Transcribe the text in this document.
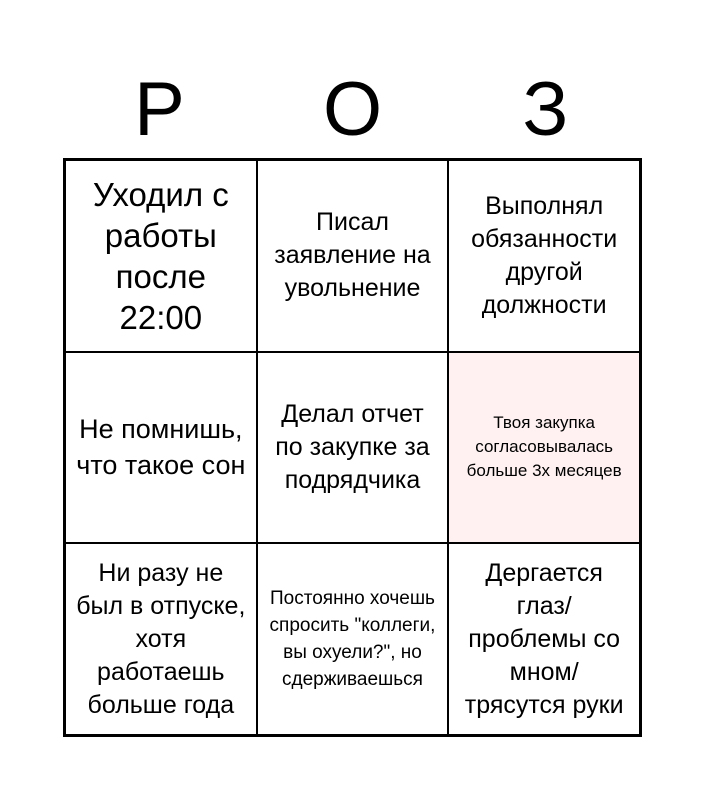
Р	О	З
Уходил с работы после 22:00
Писал заявление на увольнение
Выполнял обязанности другой должности
Не помнишь, что такое сон
Делал отчет по закупке за подрядчика
Твоя закупка согласовывалась больше 3х месяцев
Ни разу не был в отпуске, хотя работаешь больше года
Постоянно хочешь спросить "коллеги, вы охуели?", но сдерживаешься
Дергается глаз/ проблемы со мном/ трясутся руки
